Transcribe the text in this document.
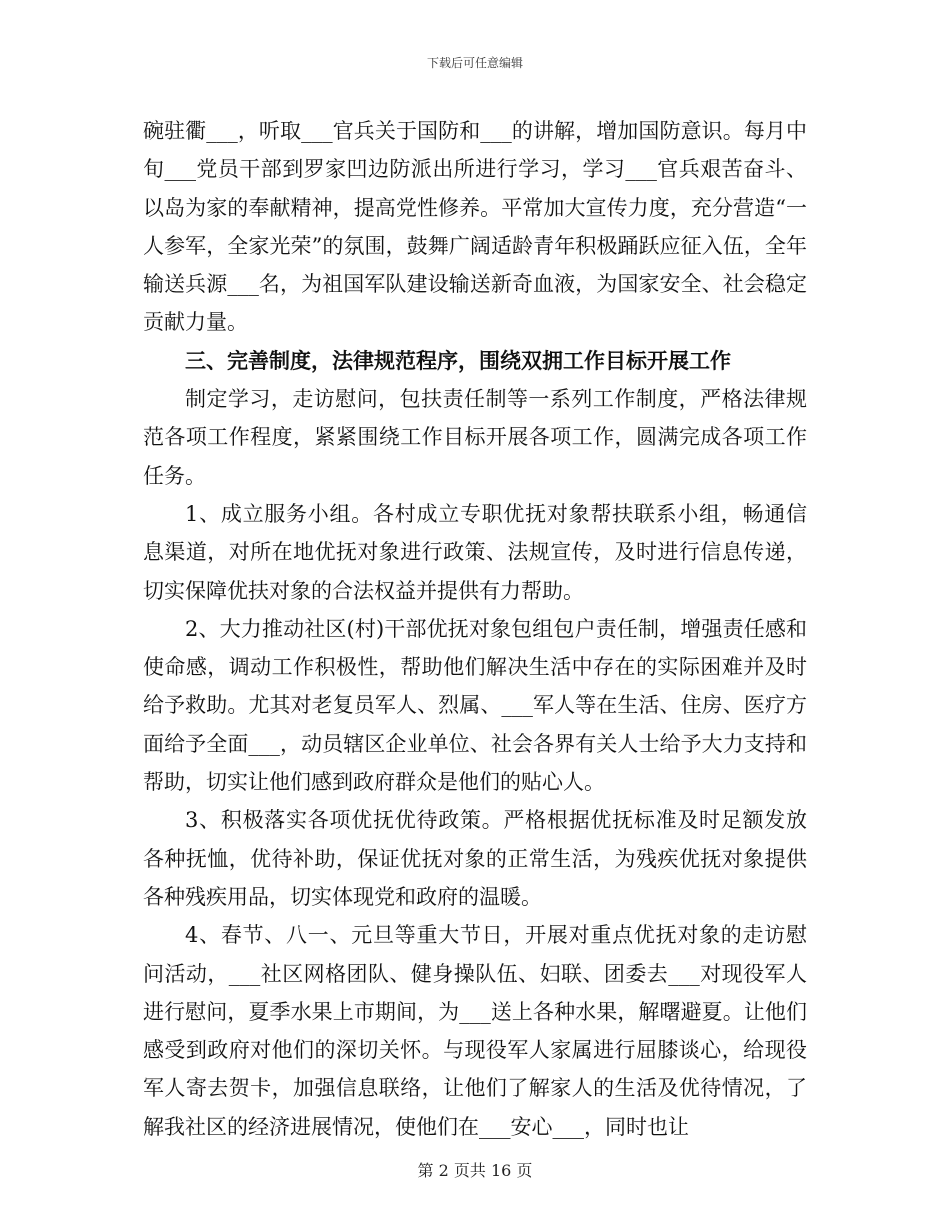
下载后可任意编辑

碗驻衢___，听取___官兵关于国防和___的讲解，增加国防意识。每月中旬___党员干部到罗家凹边防派出所进行学习，学习___官兵艰苦奋斗、以岛为家的奉献精神，提高党性修养。平常加大宣传力度，充分营造“一人参军，全家光荣”的氛围，鼓舞广阔适龄青年积极踊跃应征入伍，全年输送兵源___名，为祖国军队建设输送新奇血液，为国家安全、社会稳定贡献力量。

三、完善制度，法律规范程序，围绕双拥工作目标开展工作

制定学习，走访慰问，包扶责任制等一系列工作制度，严格法律规范各项工作程度，紧紧围绕工作目标开展各项工作，圆满完成各项工作任务。

1、成立服务小组。各村成立专职优抚对象帮扶联系小组，畅通信息渠道，对所在地优抚对象进行政策、法规宣传，及时进行信息传递，切实保障优扶对象的合法权益并提供有力帮助。

2、大力推动社区(村)干部优抚对象包组包户责任制，增强责任感和使命感，调动工作积极性，帮助他们解决生活中存在的实际困难并及时给予救助。尤其对老复员军人、烈属、___军人等在生活、住房、医疗方面给予全面___，动员辖区企业单位、社会各界有关人士给予大力支持和帮助，切实让他们感到政府群众是他们的贴心人。

3、积极落实各项优抚优待政策。严格根据优抚标准及时足额发放各种抚恤，优待补助，保证优抚对象的正常生活，为残疾优抚对象提供各种残疾用品，切实体现党和政府的温暖。

4、春节、八一、元旦等重大节日，开展对重点优抚对象的走访慰问活动，___社区网格团队、健身操队伍、妇联、团委去___对现役军人进行慰问，夏季水果上市期间，为___送上各种水果，解曙避夏。让他们感受到政府对他们的深切关怀。与现役军人家属进行屈膝谈心，给现役军人寄去贺卡，加强信息联络，让他们了解家人的生活及优待情况，了解我社区的经济进展情况，使他们在___安心___，同时也让

第 2 页共 16 页
